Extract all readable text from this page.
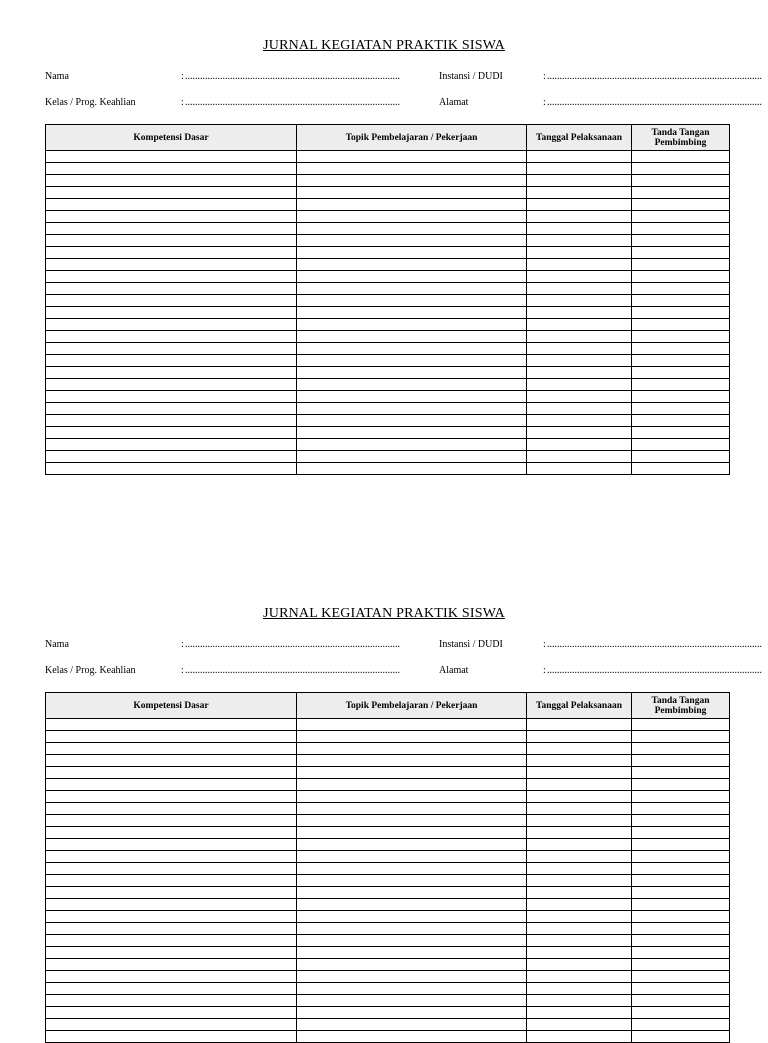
JURNAL KEGIATAN PRAKTIK SISWA
Nama	: ......................................................................................	Instansi / DUDI	: ......................................................................................
Kelas / Prog. Keahlian	: ......................................................................................	Alamat	: ......................................................................................
Kompetensi Dasar	Topik Pembelajaran / Pekerjaan	Tanggal Pelaksanaan	Tanda Tangan Pembimbing

JURNAL KEGIATAN PRAKTIK SISWA
Nama	: ......................................................................................	Instansi / DUDI	: ......................................................................................
Kelas / Prog. Keahlian	: ......................................................................................	Alamat	: ......................................................................................
Kompetensi Dasar	Topik Pembelajaran / Pekerjaan	Tanggal Pelaksanaan	Tanda Tangan Pembimbing
